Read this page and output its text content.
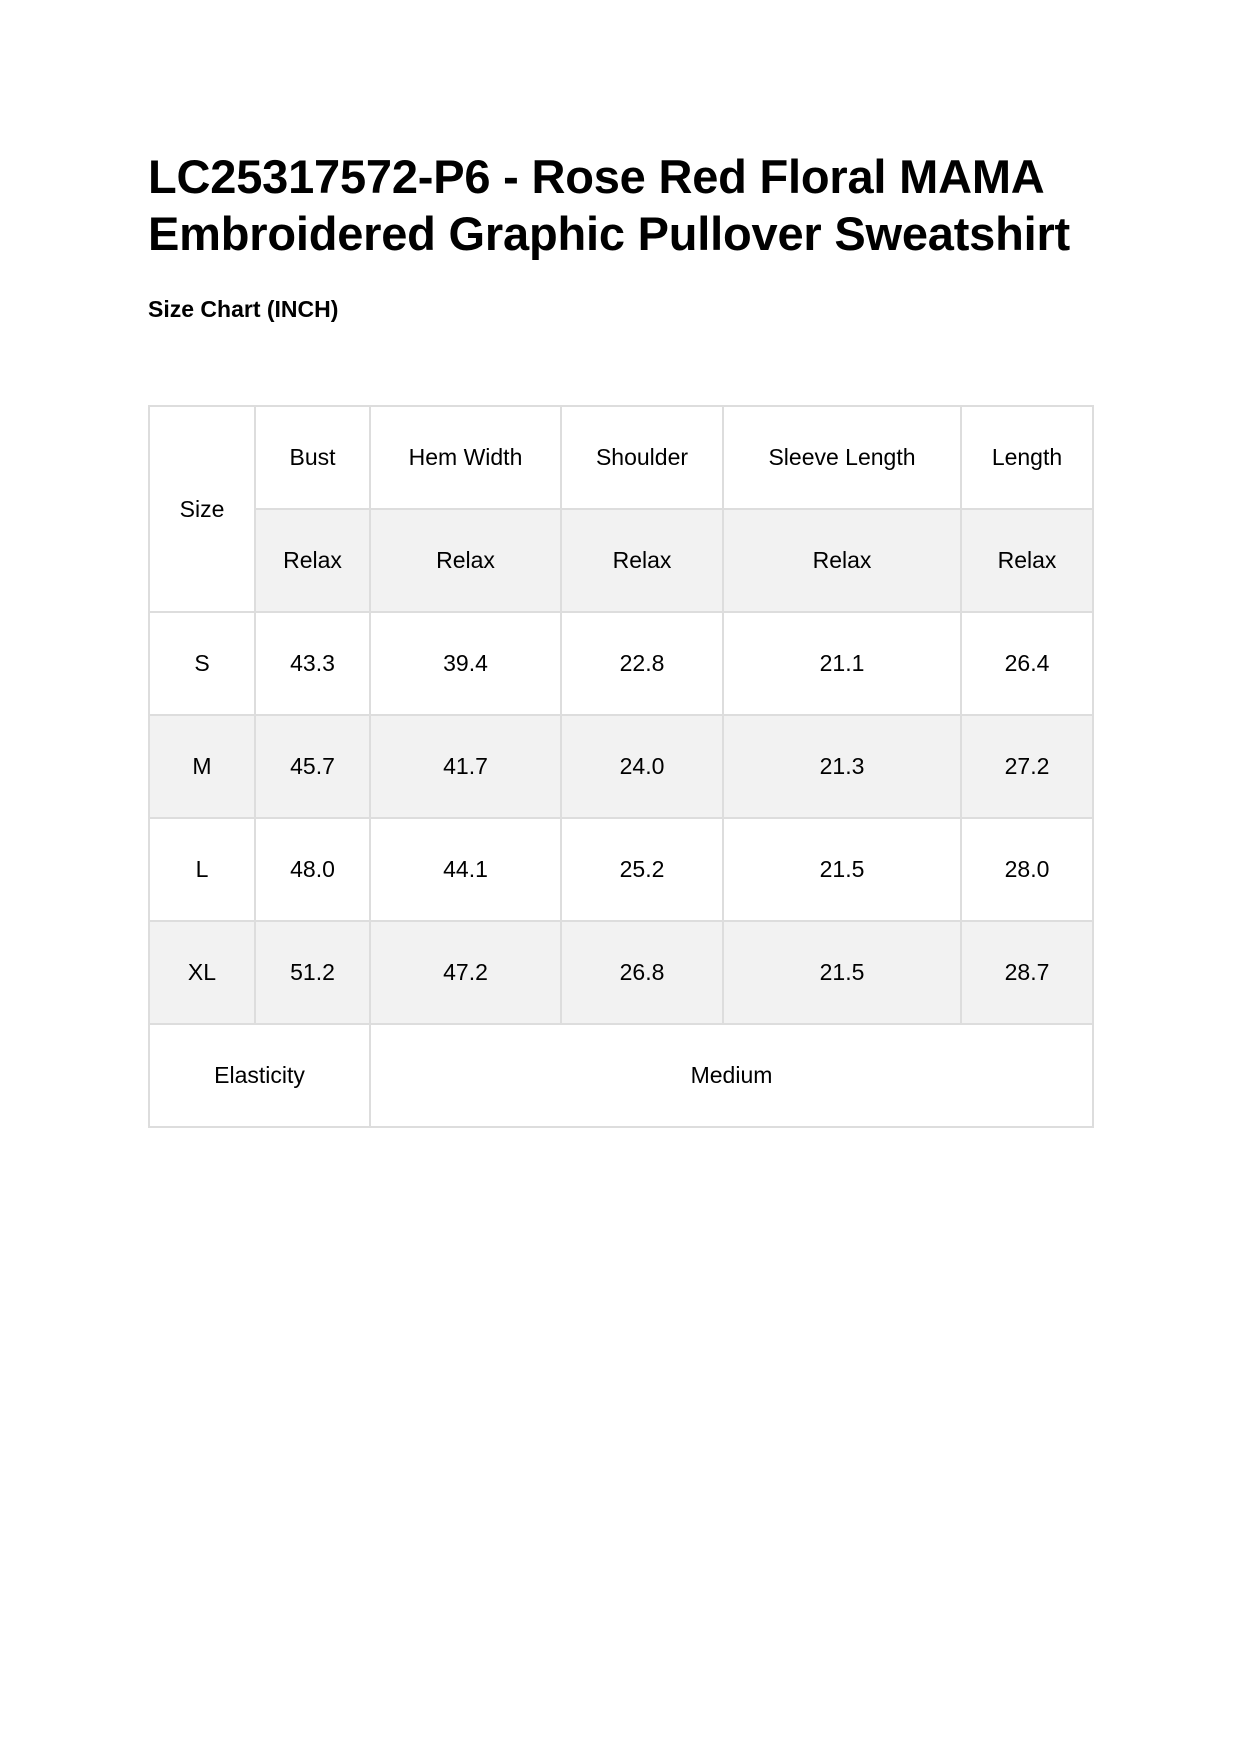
LC25317572-P6 - Rose Red Floral MAMA Embroidered Graphic Pullover Sweatshirt
Size Chart (INCH)
Size	Bust	Hem Width	Shoulder	Sleeve Length	Length
	Relax	Relax	Relax	Relax	Relax
S	43.3	39.4	22.8	21.1	26.4
M	45.7	41.7	24.0	21.3	27.2
L	48.0	44.1	25.2	21.5	28.0
XL	51.2	47.2	26.8	21.5	28.7
Elasticity		Medium			
